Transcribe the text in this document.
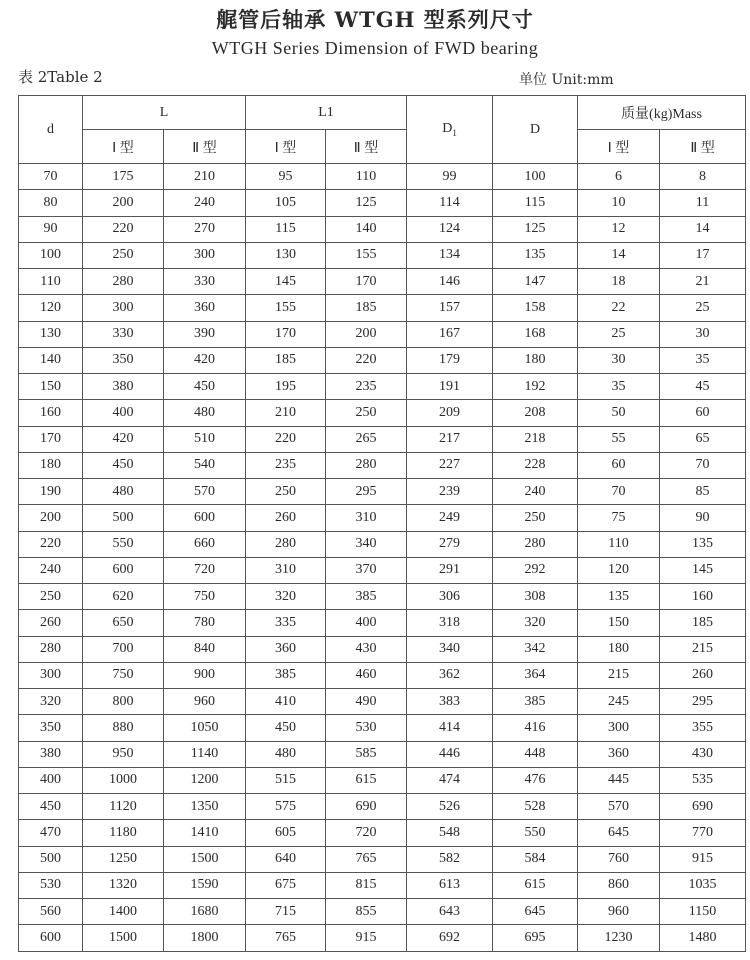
艉管后轴承 WTGH 型系列尺寸
WTGH Series Dimension of FWD bearing
表 2Table 2	单位 Unit:mm
d	L		L1		$D_1$	D	质量(kg)Mass	
	Ⅰ 型	Ⅱ 型	Ⅰ 型	Ⅱ 型			Ⅰ 型	Ⅱ 型
70	175	210	95	110	99	100	6	8
80	200	240	105	125	114	115	10	11
90	220	270	115	140	124	125	12	14
100	250	300	130	155	134	135	14	17
110	280	330	145	170	146	147	18	21
120	300	360	155	185	157	158	22	25
130	330	390	170	200	167	168	25	30
140	350	420	185	220	179	180	30	35
150	380	450	195	235	191	192	35	45
160	400	480	210	250	209	208	50	60
170	420	510	220	265	217	218	55	65
180	450	540	235	280	227	228	60	70
190	480	570	250	295	239	240	70	85
200	500	600	260	310	249	250	75	90
220	550	660	280	340	279	280	110	135
240	600	720	310	370	291	292	120	145
250	620	750	320	385	306	308	135	160
260	650	780	335	400	318	320	150	185
280	700	840	360	430	340	342	180	215
300	750	900	385	460	362	364	215	260
320	800	960	410	490	383	385	245	295
350	880	1050	450	530	414	416	300	355
380	950	1140	480	585	446	448	360	430
400	1000	1200	515	615	474	476	445	535
450	1120	1350	575	690	526	528	570	690
470	1180	1410	605	720	548	550	645	770
500	1250	1500	640	765	582	584	760	915
530	1320	1590	675	815	613	615	860	1035
560	1400	1680	715	855	643	645	960	1150
600	1500	1800	765	915	692	695	1230	1480
